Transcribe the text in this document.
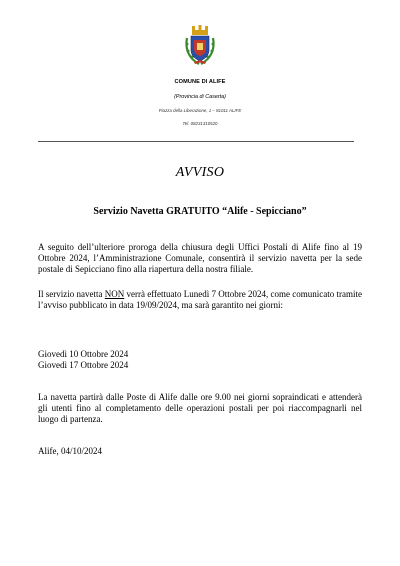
COMUNE DI ALIFE
(Provincia di Caserta)
Piazza della Liberazione, 1 – 81011 ALIFE
Tel. 08231310520
AVVISO
Servizio Navetta GRATUITO “Alife - Sepicciano”
A seguito dell’ulteriore proroga della chiusura degli Uffici Postali di Alife fino al 19 Ottobre 2024, l’Amministrazione Comunale, consentirà il servizio navetta per la sede postale di Sepicciano fino alla riapertura della nostra filiale.
Il servizio navetta NON verrà effettuato Lunedì 7 Ottobre 2024, come comunicato tramite l’avviso pubblicato in data 19/09/2024, ma sarà garantito nei giorni:
Giovedì 10 Ottobre 2024
Giovedì 17 Ottobre 2024
La navetta partirà dalle Poste di Alife dalle ore 9.00 nei giorni sopraindicati e attenderà gli utenti fino al completamento delle operazioni postali per poi riaccompagnarli nel luogo di partenza.
Alife, 04/10/2024
